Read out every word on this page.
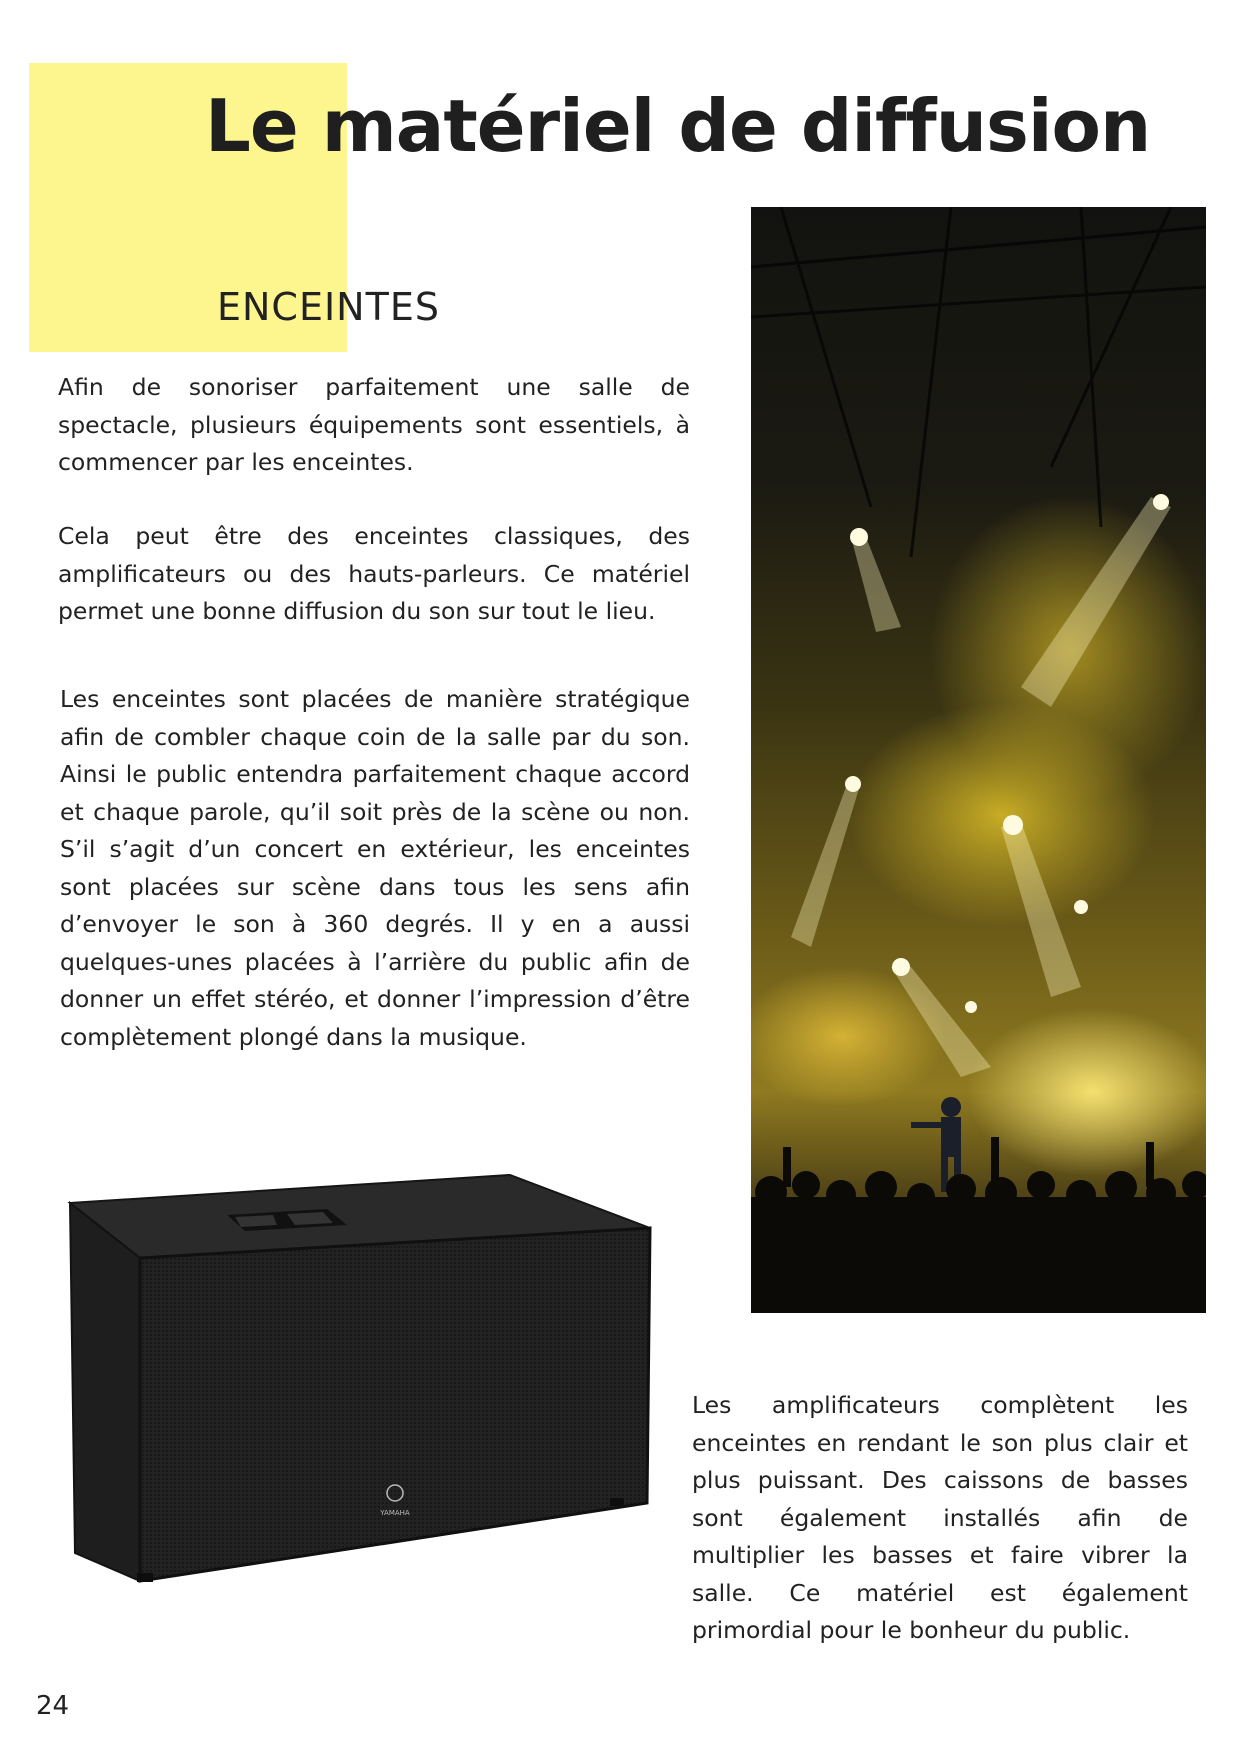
Le matériel de diffusion
ENCEINTES

Afin de sonoriser parfaitement une salle de spectacle, plusieurs équipements sont essentiels, à commencer par les enceintes.

Cela peut être des enceintes classiques, des amplificateurs ou des hauts-parleurs. Ce matériel permet une bonne diffusion du son sur tout le lieu.

Les enceintes sont placées de manière stratégique afin de combler chaque coin de la salle par du son. Ainsi le public entendra parfaitement chaque accord et chaque parole, qu’il soit près de la scène ou non. S’il s’agit d’un concert en extérieur, les enceintes sont placées sur scène dans tous les sens afin d’envoyer le son à 360 degrés. Il y en a aussi quelques-unes placées à l’arrière du public afin de donner un effet stéréo, et donner l’impression d’être complètement plongé dans la musique.

Les amplificateurs complètent les enceintes en rendant le son plus clair et plus puissant. Des caissons de basses sont également installés afin de multiplier les basses et faire vibrer la salle. Ce matériel est également primordial pour le bonheur du public.

YAMAHA

24
